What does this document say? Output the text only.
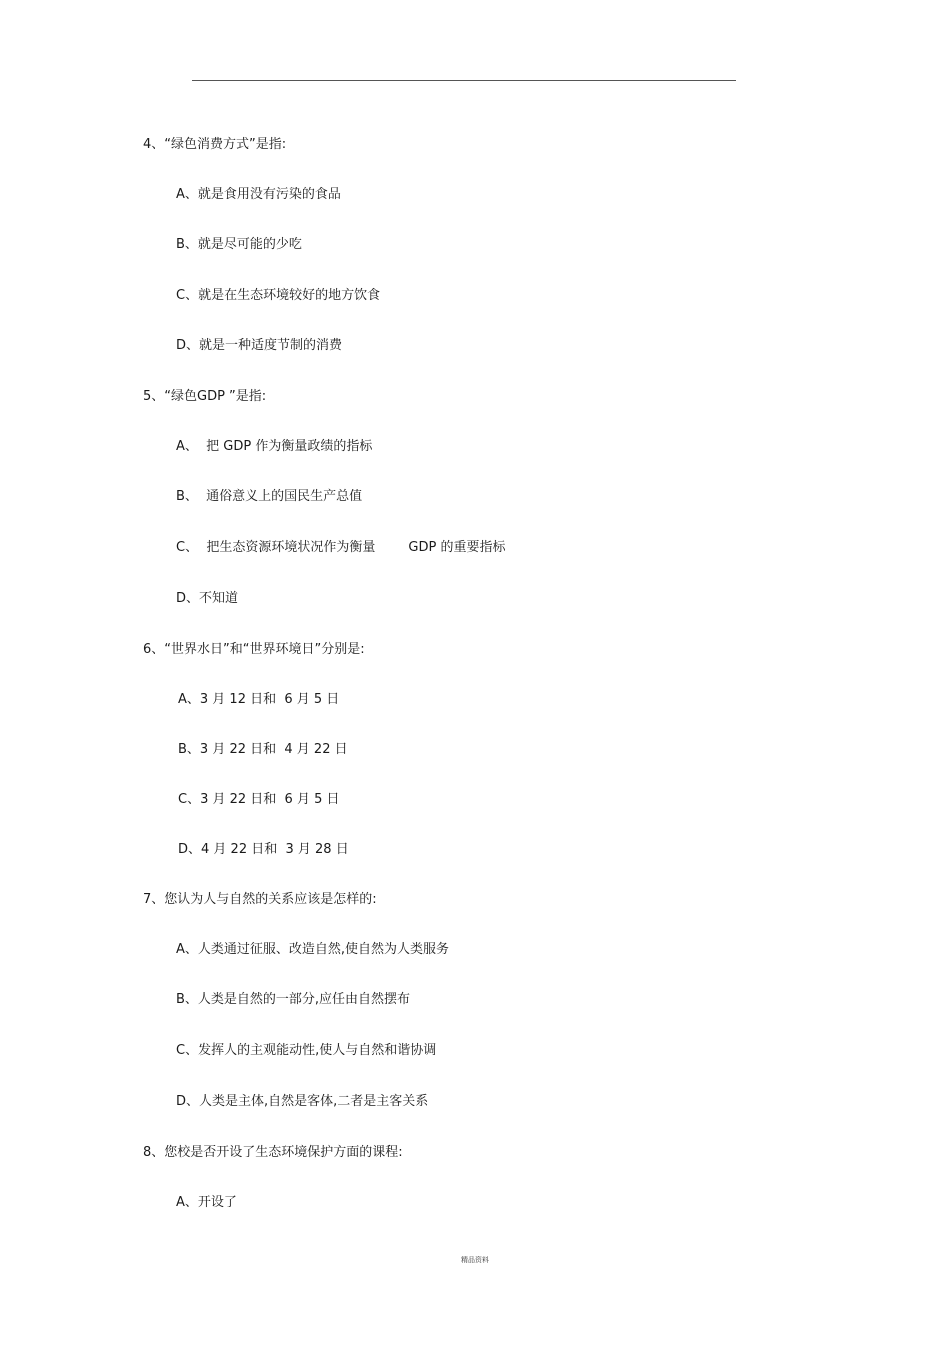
4、“绿色消费方式”是指:
A、就是食用没有污染的食品
B、就是尽可能的少吃
C、就是在生态环境较好的地方饮食
D、就是一种适度节制的消费
5、“绿色GDP ”是指:
A、  把 GDP 作为衡量政绩的指标
B、  通俗意义上的国民生产总值
C、  把生态资源环境状况作为衡量        GDP 的重要指标
D、不知道
6、“世界水日”和“世界环境日”分别是:
A、3 月 12 日和  6 月 5 日
B、3 月 22 日和  4 月 22 日
C、3 月 22 日和  6 月 5 日
D、4 月 22 日和  3 月 28 日
7、您认为人与自然的关系应该是怎样的:
A、人类通过征服、改造自然,使自然为人类服务
B、人类是自然的一部分,应任由自然摆布
C、发挥人的主观能动性,使人与自然和谐协调
D、人类是主体,自然是客体,二者是主客关系
8、您校是否开设了生态环境保护方面的课程:
A、开设了
精品资料
